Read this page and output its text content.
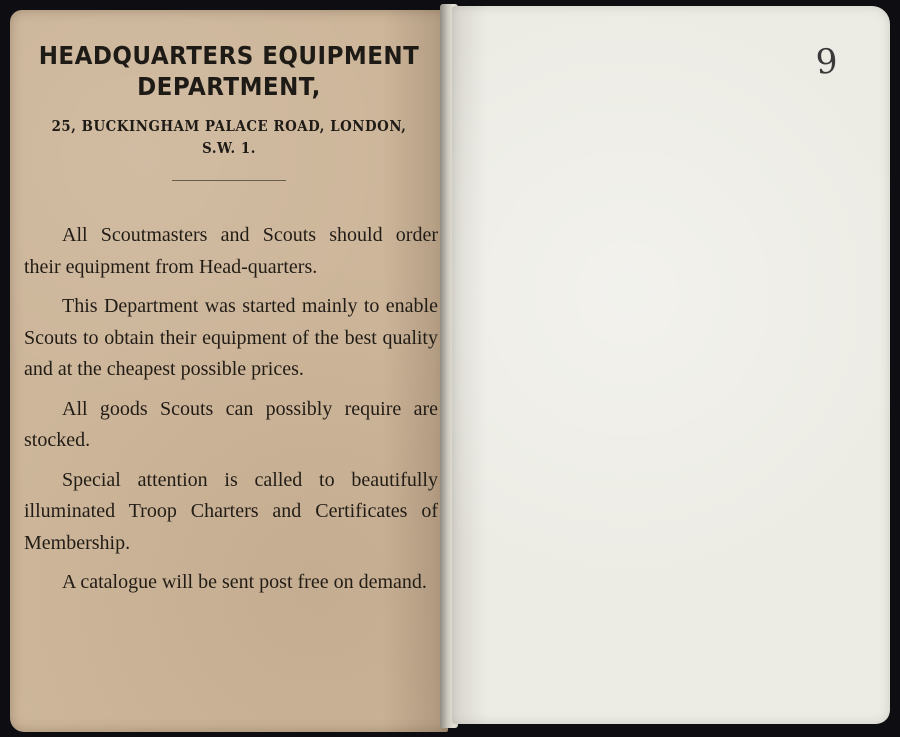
HEADQUARTERS EQUIPMENT
DEPARTMENT,

25, BUCKINGHAM PALACE ROAD, LONDON,
S.W. 1.

All Scoutmasters and Scouts should order their equipment from Head-quarters.

This Department was started mainly to enable Scouts to obtain their equipment of the best quality and at the cheapest possible prices.

All goods Scouts can possibly require are stocked.

Special attention is called to beautifully illuminated Troop Charters and Certificates of Membership.

A catalogue will be sent post free on demand.

9
